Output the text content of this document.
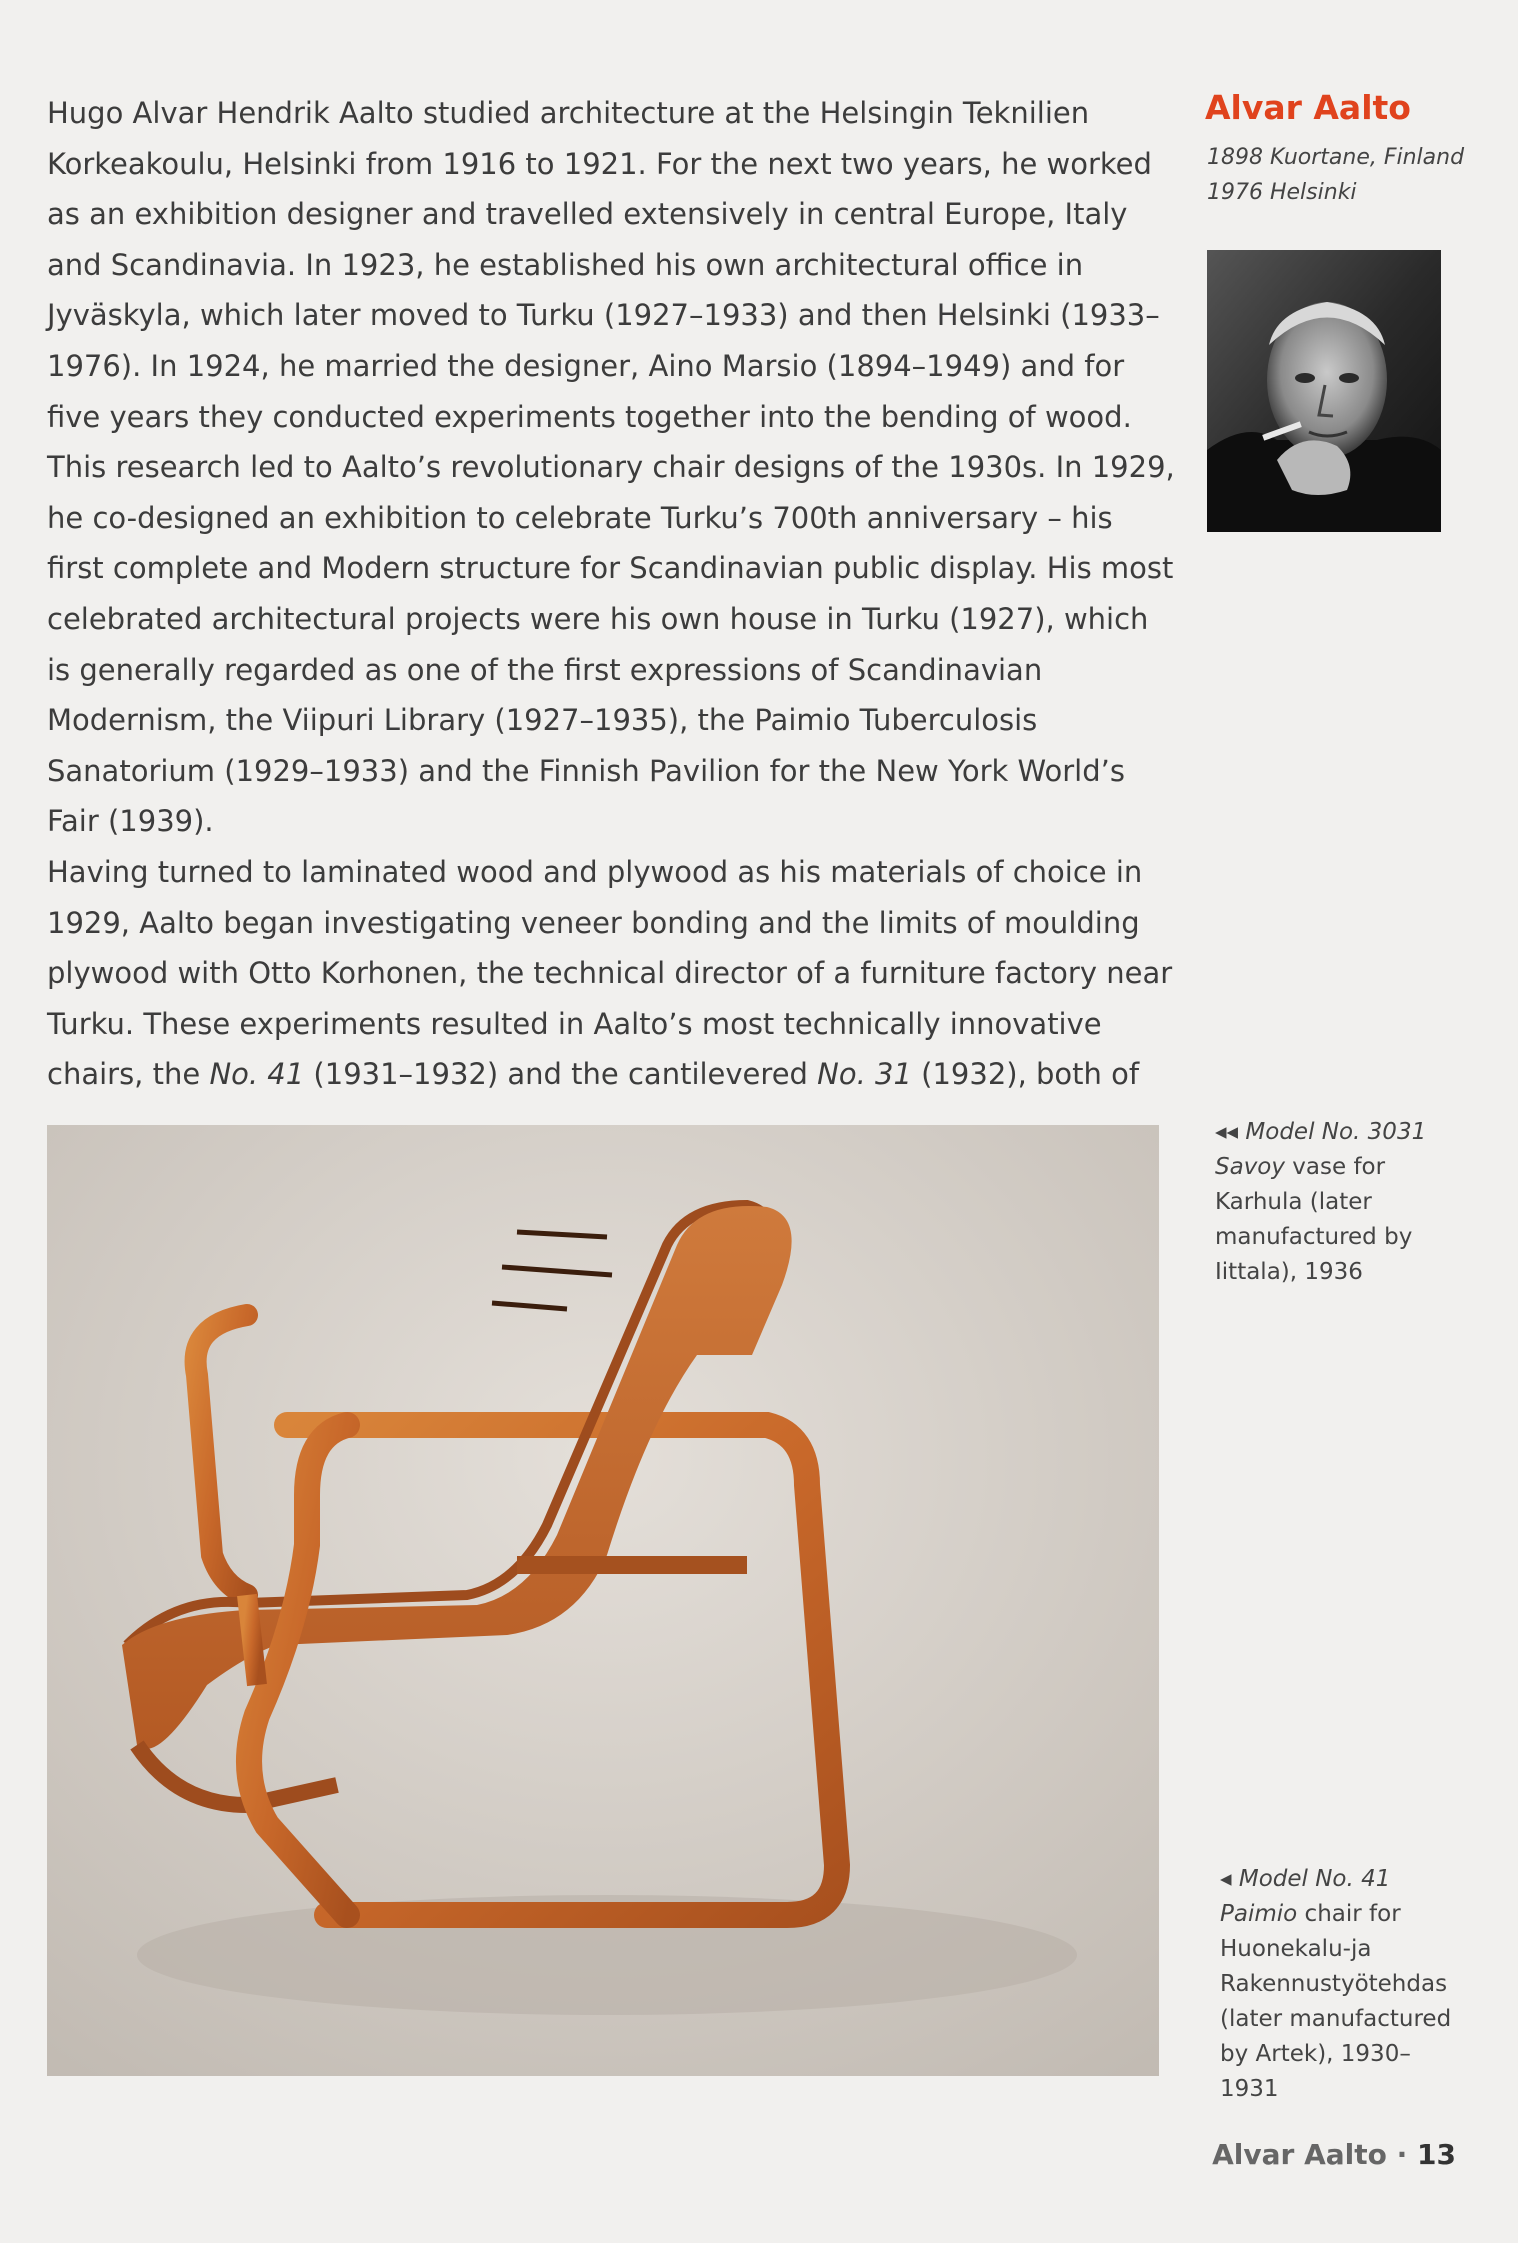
Hugo Alvar Hendrik Aalto studied architecture at the Helsingin Teknilien Korkeakoulu, Helsinki from 1916 to 1921. For the next two years, he worked as an exhibition designer and travelled extensively in central Europe, Italy and Scandinavia. In 1923, he established his own architectural office in Jyväskyla, which later moved to Turku (1927–1933) and then Helsinki (1933–1976). In 1924, he married the designer, Aino Marsio (1894–1949) and for five years they conducted experiments together into the bending of wood. This research led to Aalto’s revolutionary chair designs of the 1930s. In 1929, he co-designed an exhibition to celebrate Turku’s 700th anniversary – his first complete and Modern structure for Scandinavian public display. His most celebrated architectural projects were his own house in Turku (1927), which is generally regarded as one of the first expressions of Scandinavian Modernism, the Viipuri Library (1927–1935), the Paimio Tuberculosis Sanatorium (1929–1933) and the Finnish Pavilion for the New York World’s Fair (1939).

Having turned to laminated wood and plywood as his materials of choice in 1929, Aalto began investigating veneer bonding and the limits of moulding plywood with Otto Korhonen, the technical director of a furniture factory near Turku. These experiments resulted in Aalto’s most technically innovative chairs, the No. 41 (1931–1932) and the cantilevered No. 31 (1932), both of

Alvar Aalto
1898 Kuortane, Finland
1976 Helsinki
◂◂ Model No. 3031
Savoy vase for Karhula (later manufactured by Iittala), 1936
◂ Model No. 41
Paimio chair for Huonekalu-ja Rakennustyötehdas (later manufactured by Artek), 1930–1931
Alvar Aalto · 13
